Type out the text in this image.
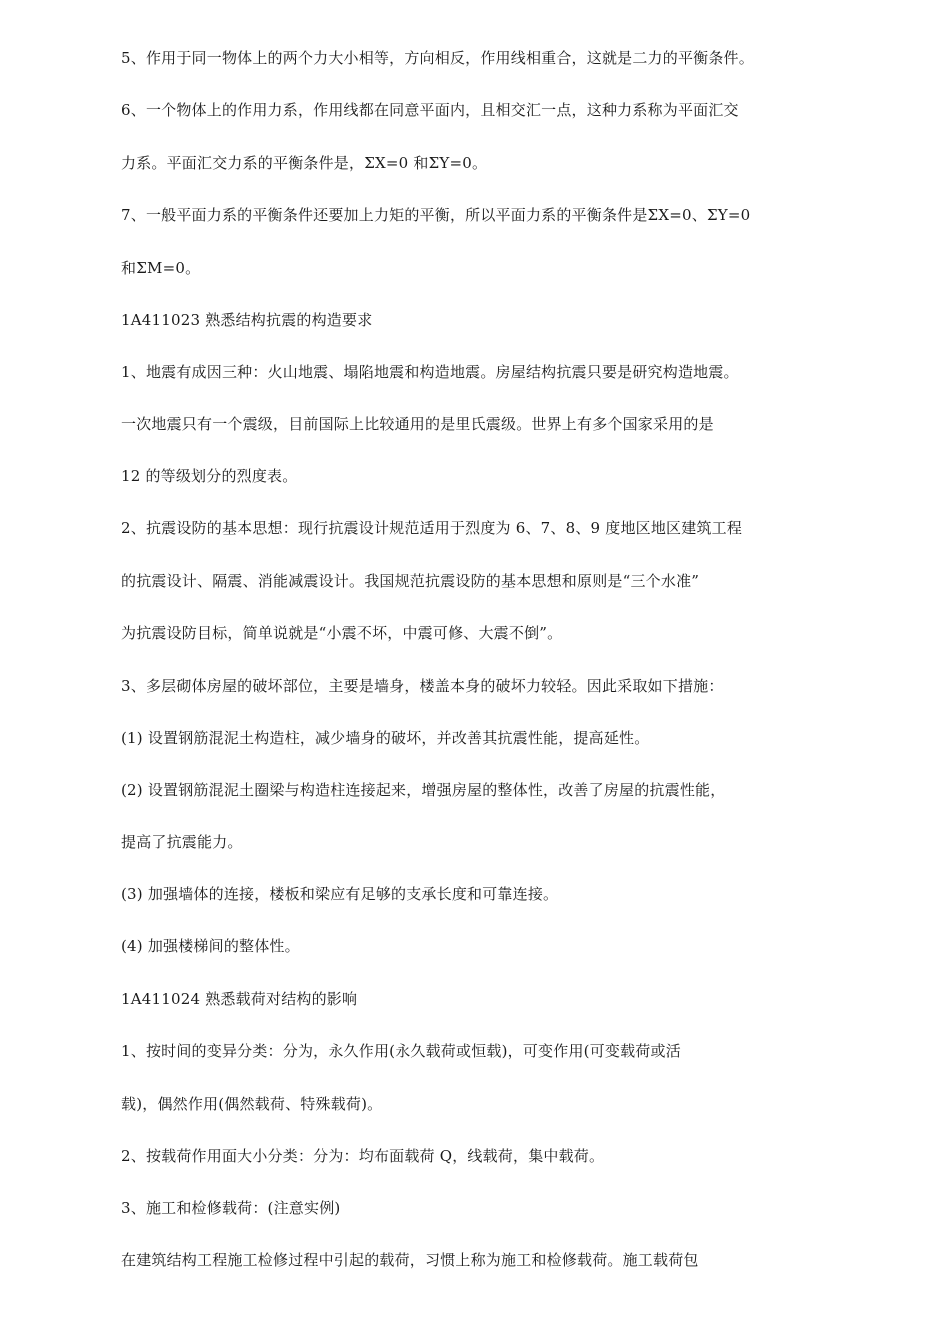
5、作用于同一物体上的两个力大小相等，方向相反，作用线相重合，这就是二力的平衡条件。
6、一个物体上的作用力系，作用线都在同意平面内，且相交汇一点，这种力系称为平面汇交
力系。平面汇交力系的平衡条件是，ΣX=0 和ΣY=0。
7、一般平面力系的平衡条件还要加上力矩的平衡，所以平面力系的平衡条件是ΣX=0、ΣY=0
和ΣM=0。
1A411023 熟悉结构抗震的构造要求
1、地震有成因三种：火山地震、塌陷地震和构造地震。房屋结构抗震只要是研究构造地震。
一次地震只有一个震级，目前国际上比较通用的是里氏震级。世界上有多个国家采用的是
12 的等级划分的烈度表。
2、抗震设防的基本思想：现行抗震设计规范适用于烈度为 6、7、8、9 度地区地区建筑工程
的抗震设计、隔震、消能减震设计。我国规范抗震设防的基本思想和原则是“三个水准”
为抗震设防目标，简单说就是“小震不坏，中震可修、大震不倒”。
3、多层砌体房屋的破坏部位，主要是墙身，楼盖本身的破坏力较轻。因此采取如下措施：
(1) 设置钢筋混泥土构造柱，减少墙身的破坏，并改善其抗震性能，提高延性。
(2) 设置钢筋混泥土圈梁与构造柱连接起来，增强房屋的整体性，改善了房屋的抗震性能，
提高了抗震能力。
(3) 加强墙体的连接，楼板和梁应有足够的支承长度和可靠连接。
(4) 加强楼梯间的整体性。
1A411024 熟悉载荷对结构的影响
1、按时间的变异分类：分为，永久作用(永久载荷或恒载)，可变作用(可变载荷或活
载)，偶然作用(偶然载荷、特殊载荷)。
2、按载荷作用面大小分类：分为：均布面载荷 Q，线载荷，集中载荷。
3、施工和检修载荷：(注意实例)
在建筑结构工程施工检修过程中引起的载荷，习惯上称为施工和检修载荷。施工载荷包
